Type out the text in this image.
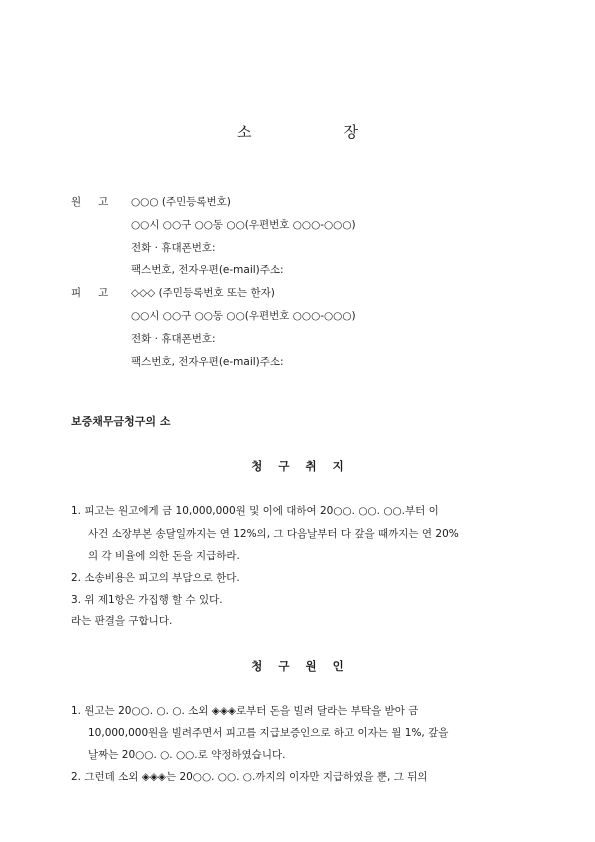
소	장
원 고 ○○○ (주민등록번호)
○○시 ○○구 ○○동 ○○(우편번호 ○○○-○○○)
전화 · 휴대폰번호:
팩스번호, 전자우편(e-mail)주소:
피 고 ◇◇◇ (주민등록번호 또는 한자)
○○시 ○○구 ○○동 ○○(우편번호 ○○○-○○○)
전화 · 휴대폰번호:
팩스번호, 전자우편(e-mail)주소:
보증채무금청구의 소
청 구 취 지
1. 피고는 원고에게 금 10,000,000원 및 이에 대하여 20○○. ○○. ○○.부터 이
사건 소장부본 송달일까지는 연 12%의, 그 다음날부터 다 갚을 때까지는 연 20%
의 각 비율에 의한 돈을 지급하라.
2. 소송비용은 피고의 부담으로 한다.
3. 위 제1항은 가집행 할 수 있다.
라는 판결을 구합니다.
청 구 원 인
1. 원고는 20○○. ○. ○. 소외 ◈◈◈로부터 돈을 빌려 달라는 부탁을 받아 금
10,000,000원을 빌려주면서 피고를 지급보증인으로 하고 이자는 월 1%, 갚을
날짜는 20○○. ○. ○○.로 약정하였습니다.
2. 그런데 소외 ◈◈◈는 20○○. ○○. ○.까지의 이자만 지급하였을 뿐, 그 뒤의
